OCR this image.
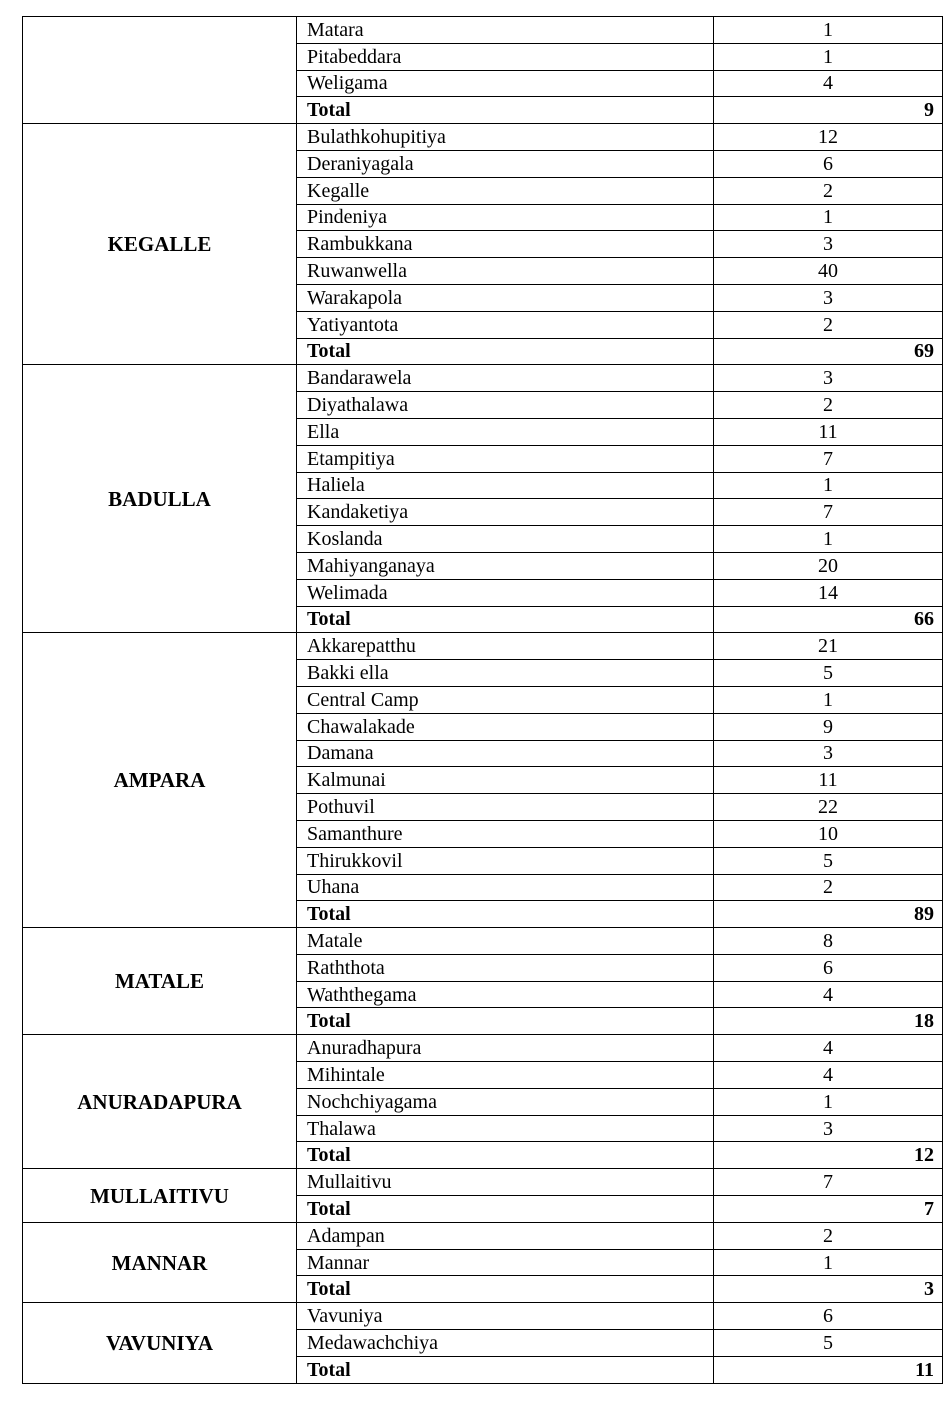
	Matara	1
	Pitabeddara	1
	Weligama	4
	Total	9
KEGALLE	Bulathkohupitiya	12
	Deraniyagala	6
	Kegalle	2
	Pindeniya	1
	Rambukkana	3
	Ruwanwella	40
	Warakapola	3
	Yatiyantota	2
	Total	69
BADULLA	Bandarawela	3
	Diyathalawa	2
	Ella	11
	Etampitiya	7
	Haliela	1
	Kandaketiya	7
	Koslanda	1
	Mahiyanganaya	20
	Welimada	14
	Total	66
AMPARA	Akkarepatthu	21
	Bakki ella	5
	Central Camp	1
	Chawalakade	9
	Damana	3
	Kalmunai	11
	Pothuvil	22
	Samanthure	10
	Thirukkovil	5
	Uhana	2
	Total	89
MATALE	Matale	8
	Raththota	6
	Waththegama	4
	Total	18
ANURADAPURA	Anuradhapura	4
	Mihintale	4
	Nochchiyagama	1
	Thalawa	3
	Total	12
MULLAITIVU	Mullaitivu	7
	Total	7
MANNAR	Adampan	2
	Mannar	1
	Total	3
VAVUNIYA	Vavuniya	6
	Medawachchiya	5
	Total	11
